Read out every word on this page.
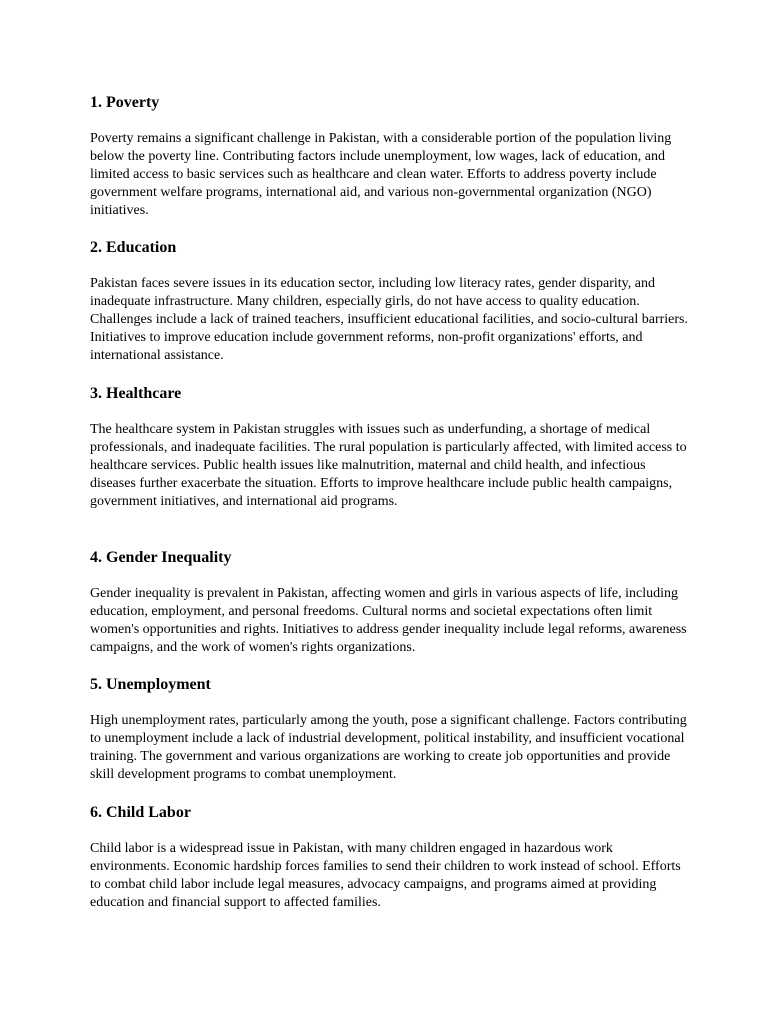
1. Poverty

Poverty remains a significant challenge in Pakistan, with a considerable portion of the population living below the poverty line. Contributing factors include unemployment, low wages, lack of education, and limited access to basic services such as healthcare and clean water. Efforts to address poverty include government welfare programs, international aid, and various non-governmental organization (NGO) initiatives.

2. Education

Pakistan faces severe issues in its education sector, including low literacy rates, gender disparity, and inadequate infrastructure. Many children, especially girls, do not have access to quality education. Challenges include a lack of trained teachers, insufficient educational facilities, and socio-cultural barriers. Initiatives to improve education include government reforms, non-profit organizations' efforts, and international assistance.

3. Healthcare

The healthcare system in Pakistan struggles with issues such as underfunding, a shortage of medical professionals, and inadequate facilities. The rural population is particularly affected, with limited access to healthcare services. Public health issues like malnutrition, maternal and child health, and infectious diseases further exacerbate the situation. Efforts to improve healthcare include public health campaigns, government initiatives, and international aid programs.

4. Gender Inequality

Gender inequality is prevalent in Pakistan, affecting women and girls in various aspects of life, including education, employment, and personal freedoms. Cultural norms and societal expectations often limit women's opportunities and rights. Initiatives to address gender inequality include legal reforms, awareness campaigns, and the work of women's rights organizations.

5. Unemployment

High unemployment rates, particularly among the youth, pose a significant challenge. Factors contributing to unemployment include a lack of industrial development, political instability, and insufficient vocational training. The government and various organizations are working to create job opportunities and provide skill development programs to combat unemployment.

6. Child Labor

Child labor is a widespread issue in Pakistan, with many children engaged in hazardous work environments. Economic hardship forces families to send their children to work instead of school. Efforts to combat child labor include legal measures, advocacy campaigns, and programs aimed at providing education and financial support to affected families.
